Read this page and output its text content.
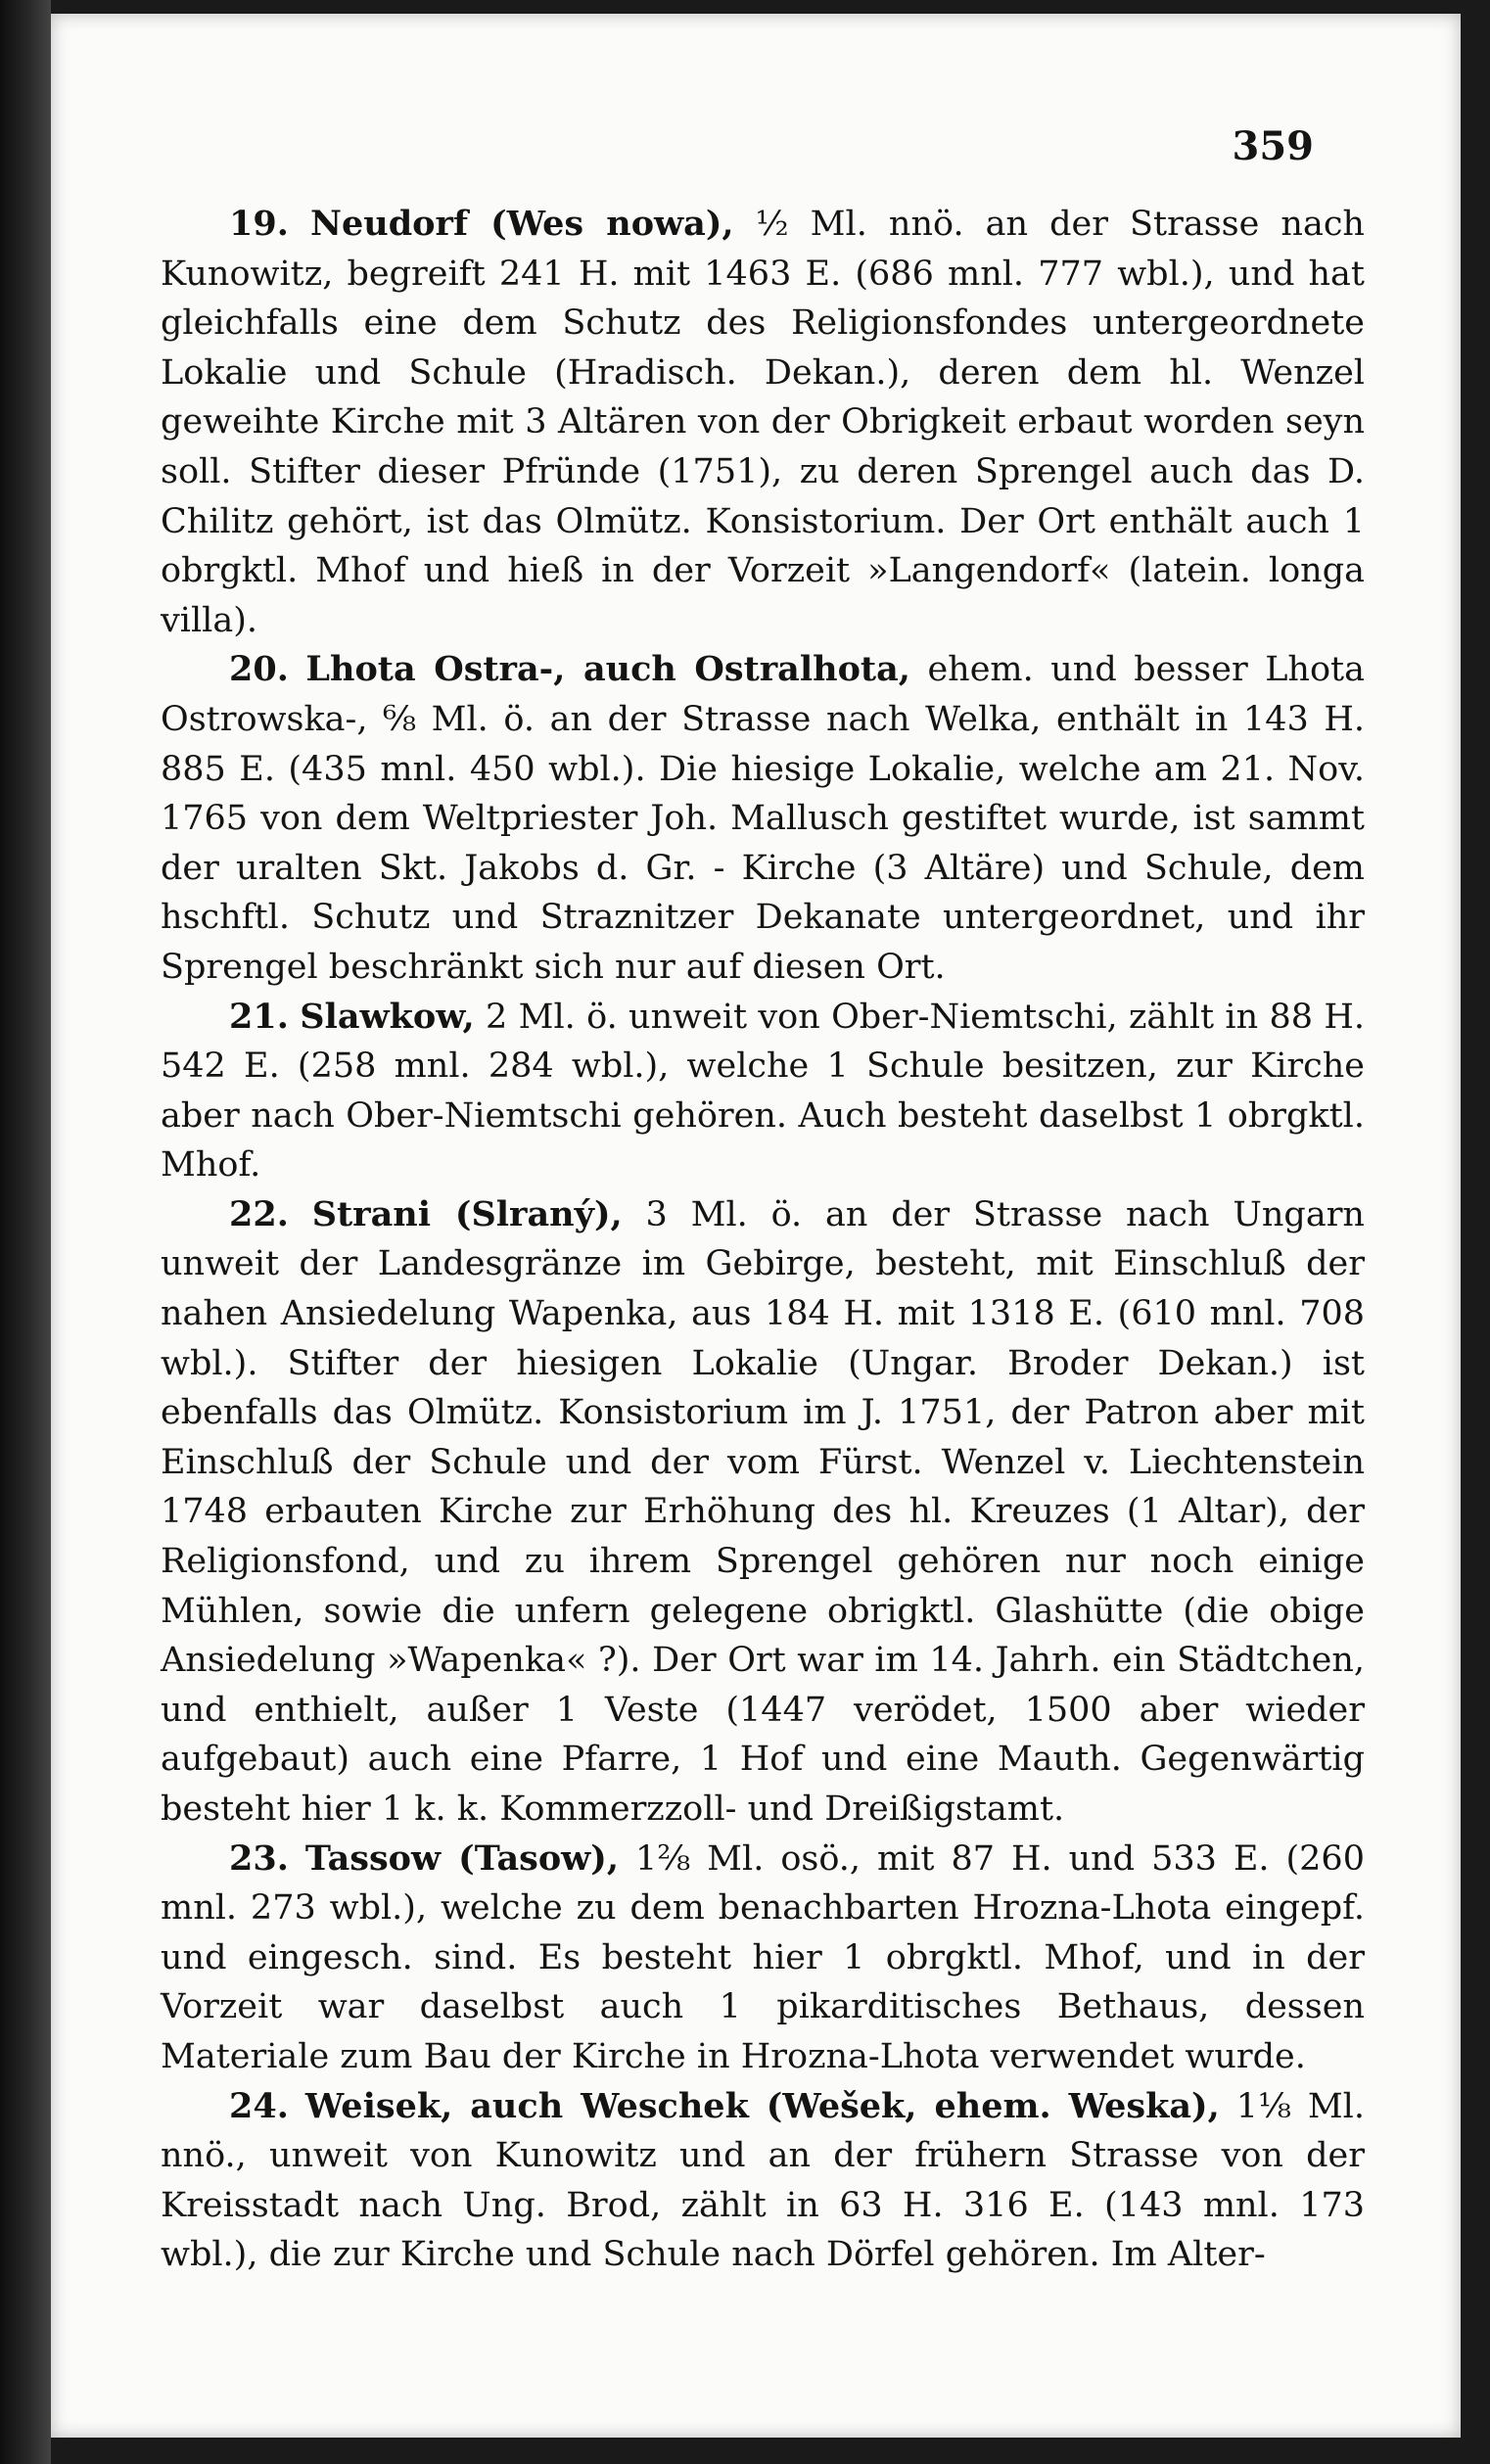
359

19. Neudorf (Wes nowa), ½ Ml. nnö. an der Strasse nach Kunowitz, begreift 241 H. mit 1463 E. (686 mnl. 777 wbl.), und hat gleichfalls eine dem Schutz des Religionsfondes untergeordnete Lokalie und Schule (Hradisch. Dekan.), deren dem hl. Wenzel geweihte Kirche mit 3 Altären von der Obrigkeit erbaut worden seyn soll. Stifter dieser Pfründe (1751), zu deren Sprengel auch das D. Chilitz gehört, ist das Olmütz. Konsistorium. Der Ort enthält auch 1 obrgktl. Mhof und hieß in der Vorzeit »Langendorf« (latein. longa villa).

20. Lhota Ostra-, auch Ostralhota, ehem. und besser Lhota Ostrowska-, ⁶⁄₈ Ml. ö. an der Strasse nach Welka, enthält in 143 H. 885 E. (435 mnl. 450 wbl.). Die hiesige Lokalie, welche am 21. Nov. 1765 von dem Weltpriester Joh. Mallusch gestiftet wurde, ist sammt der uralten Skt. Jakobs d. Gr. - Kirche (3 Altäre) und Schule, dem hschftl. Schutz und Straznitzer Dekanate untergeordnet, und ihr Sprengel beschränkt sich nur auf diesen Ort.

21. Slawkow, 2 Ml. ö. unweit von Ober-Niemtschi, zählt in 88 H. 542 E. (258 mnl. 284 wbl.), welche 1 Schule besitzen, zur Kirche aber nach Ober-Niemtschi gehören. Auch besteht daselbst 1 obrgktl. Mhof.

22. Strani (Slraný), 3 Ml. ö. an der Strasse nach Ungarn unweit der Landesgränze im Gebirge, besteht, mit Einschluß der nahen Ansiedelung Wapenka, aus 184 H. mit 1318 E. (610 mnl. 708 wbl.). Stifter der hiesigen Lokalie (Ungar. Broder Dekan.) ist ebenfalls das Olmütz. Konsistorium im J. 1751, der Patron aber mit Einschluß der Schule und der vom Fürst. Wenzel v. Liechtenstein 1748 erbauten Kirche zur Erhöhung des hl. Kreuzes (1 Altar), der Religionsfond, und zu ihrem Sprengel gehören nur noch einige Mühlen, sowie die unfern gelegene obrigktl. Glashütte (die obige Ansiedelung »Wapenka« ?). Der Ort war im 14. Jahrh. ein Städtchen, und enthielt, außer 1 Veste (1447 verödet, 1500 aber wieder aufgebaut) auch eine Pfarre, 1 Hof und eine Mauth. Gegenwärtig besteht hier 1 k. k. Kommerzzoll- und Dreißigstamt.

23. Tassow (Tasow), 1²⁄₈ Ml. osö., mit 87 H. und 533 E. (260 mnl. 273 wbl.), welche zu dem benachbarten Hrozna-Lhota eingepf. und eingesch. sind. Es besteht hier 1 obrgktl. Mhof, und in der Vorzeit war daselbst auch 1 pikarditisches Bethaus, dessen Materiale zum Bau der Kirche in Hrozna-Lhota verwendet wurde.

24. Weisek, auch Weschek (Wešek, ehem. Weska), 1⅛ Ml. nnö., unweit von Kunowitz und an der frühern Strasse von der Kreisstadt nach Ung. Brod, zählt in 63 H. 316 E. (143 mnl. 173 wbl.), die zur Kirche und Schule nach Dörfel gehören. Im Alter-
